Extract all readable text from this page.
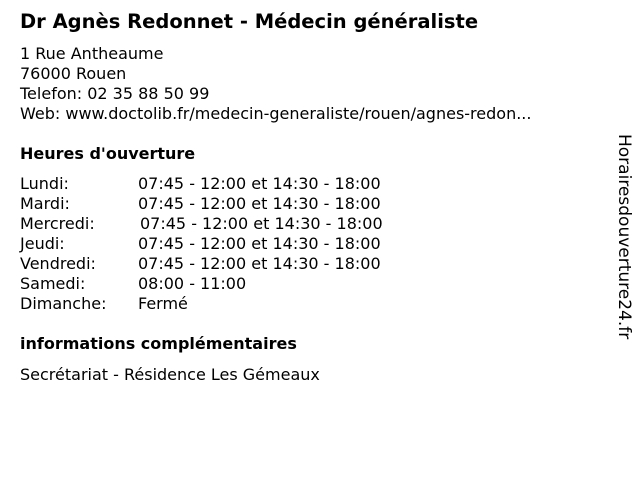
Dr Agnès Redonnet - Médecin généraliste
1 Rue Antheaume
76000 Rouen
Telefon: 02 35 88 50 99
Web: www.doctolib.fr/medecin-generaliste/rouen/agnes-redon...
Heures d'ouverture
Lundi:	07:45 - 12:00 et 14:30 - 18:00
Mardi:	07:45 - 12:00 et 14:30 - 18:00
Mercredi:	07:45 - 12:00 et 14:30 - 18:00
Jeudi:	07:45 - 12:00 et 14:30 - 18:00
Vendredi:	07:45 - 12:00 et 14:30 - 18:00
Samedi:	08:00 - 11:00
Dimanche: Fermé
informations complémentaires
Secrétariat - Résidence Les Gémeaux
Horairesdouverture24.fr
